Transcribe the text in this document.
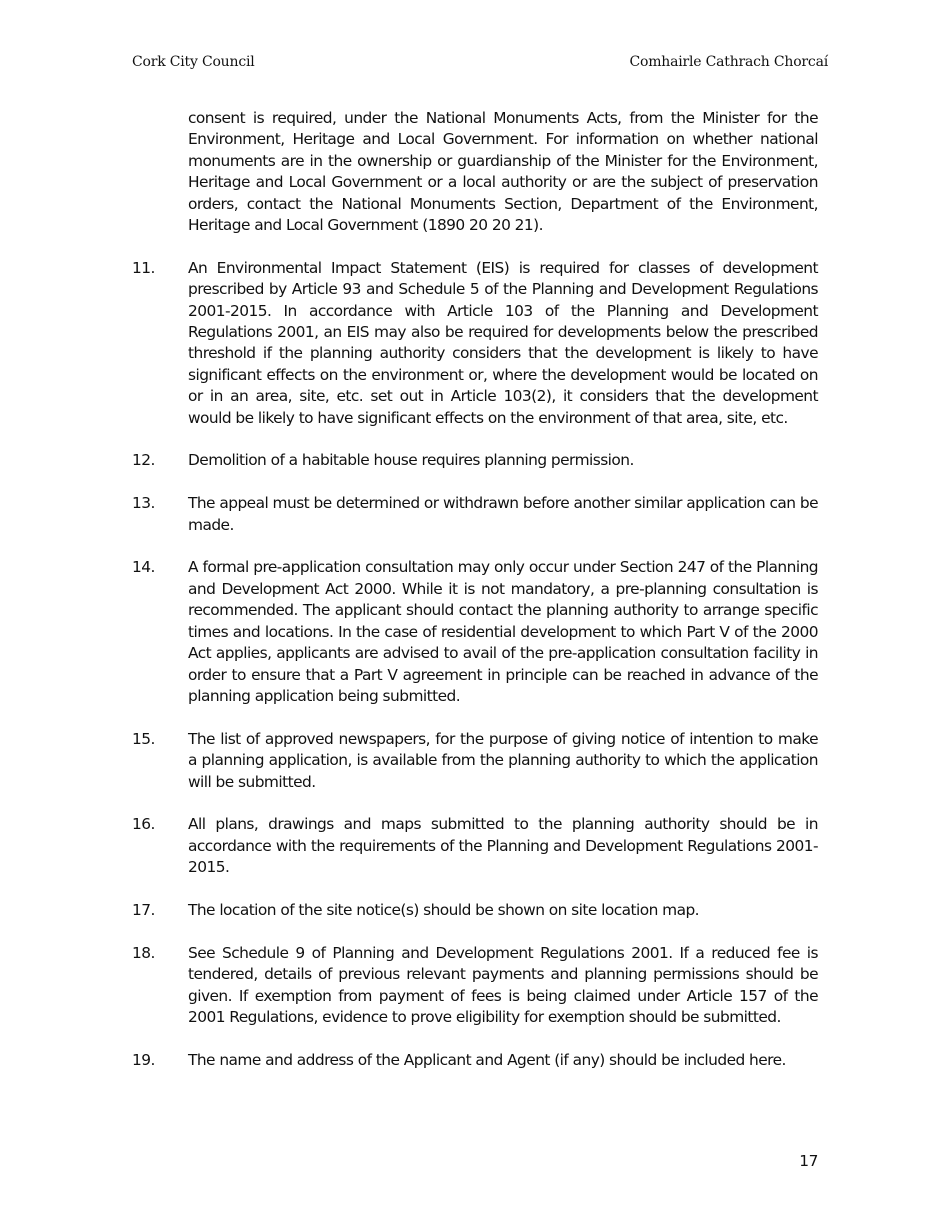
Cork City Council	Comhairle Cathrach Chorcaí
consent is required, under the National Monuments Acts, from the Minister for the Environment, Heritage and Local Government. For information on whether national monuments are in the ownership or guardianship of the Minister for the Environment, Heritage and Local Government or a local authority or are the subject of preservation orders, contact the National Monuments Section, Department of the Environment, Heritage and Local Government (1890 20 20 21).
11.	An Environmental Impact Statement (EIS) is required for classes of development prescribed by Article 93 and Schedule 5 of the Planning and Development Regulations 2001-2015. In accordance with Article 103 of the Planning and Development Regulations 2001, an EIS may also be required for developments below the prescribed threshold if the planning authority considers that the development is likely to have significant effects on the environment or, where the development would be located on or in an area, site, etc. set out in Article 103(2), it considers that the development would be likely to have significant effects on the environment of that area, site, etc.
12.	Demolition of a habitable house requires planning permission.
13.	The appeal must be determined or withdrawn before another similar application can be made.
14.	A formal pre-application consultation may only occur under Section 247 of the Planning and Development Act 2000. While it is not mandatory, a pre-planning consultation is recommended. The applicant should contact the planning authority to arrange specific times and locations. In the case of residential development to which Part V of the 2000 Act applies, applicants are advised to avail of the pre-application consultation facility in order to ensure that a Part V agreement in principle can be reached in advance of the planning application being submitted.
15.	The list of approved newspapers, for the purpose of giving notice of intention to make a planning application, is available from the planning authority to which the application will be submitted.
16.	All plans, drawings and maps submitted to the planning authority should be in accordance with the requirements of the Planning and Development Regulations 2001-2015.
17.	The location of the site notice(s) should be shown on site location map.
18.	See Schedule 9 of Planning and Development Regulations 2001. If a reduced fee is tendered, details of previous relevant payments and planning permissions should be given. If exemption from payment of fees is being claimed under Article 157 of the 2001 Regulations, evidence to prove eligibility for exemption should be submitted.
19.	The name and address of the Applicant and Agent (if any) should be included here.
17
